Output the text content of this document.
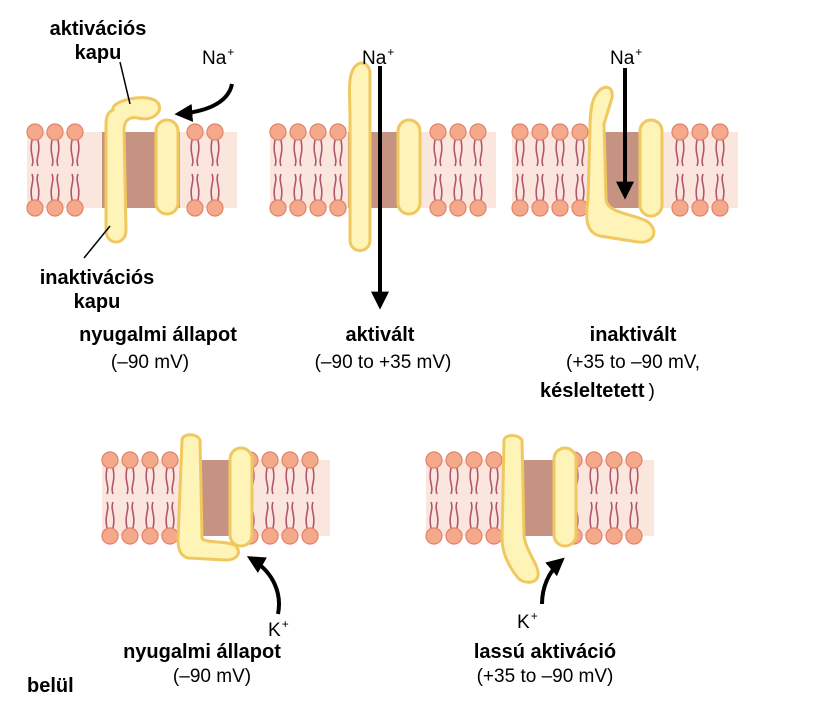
aktivációs
kapu
inaktivációs
kapu
Na+	Na+	Na+
nyugalmi állapot
(–90 mV)
aktivált
(–90 to +35 mV)
inaktivált
(+35 to –90 mV,
késleltetett )
K+	K+
nyugalmi állapot
(–90 mV)
lassú aktiváció
(+35 to –90 mV)
belül
